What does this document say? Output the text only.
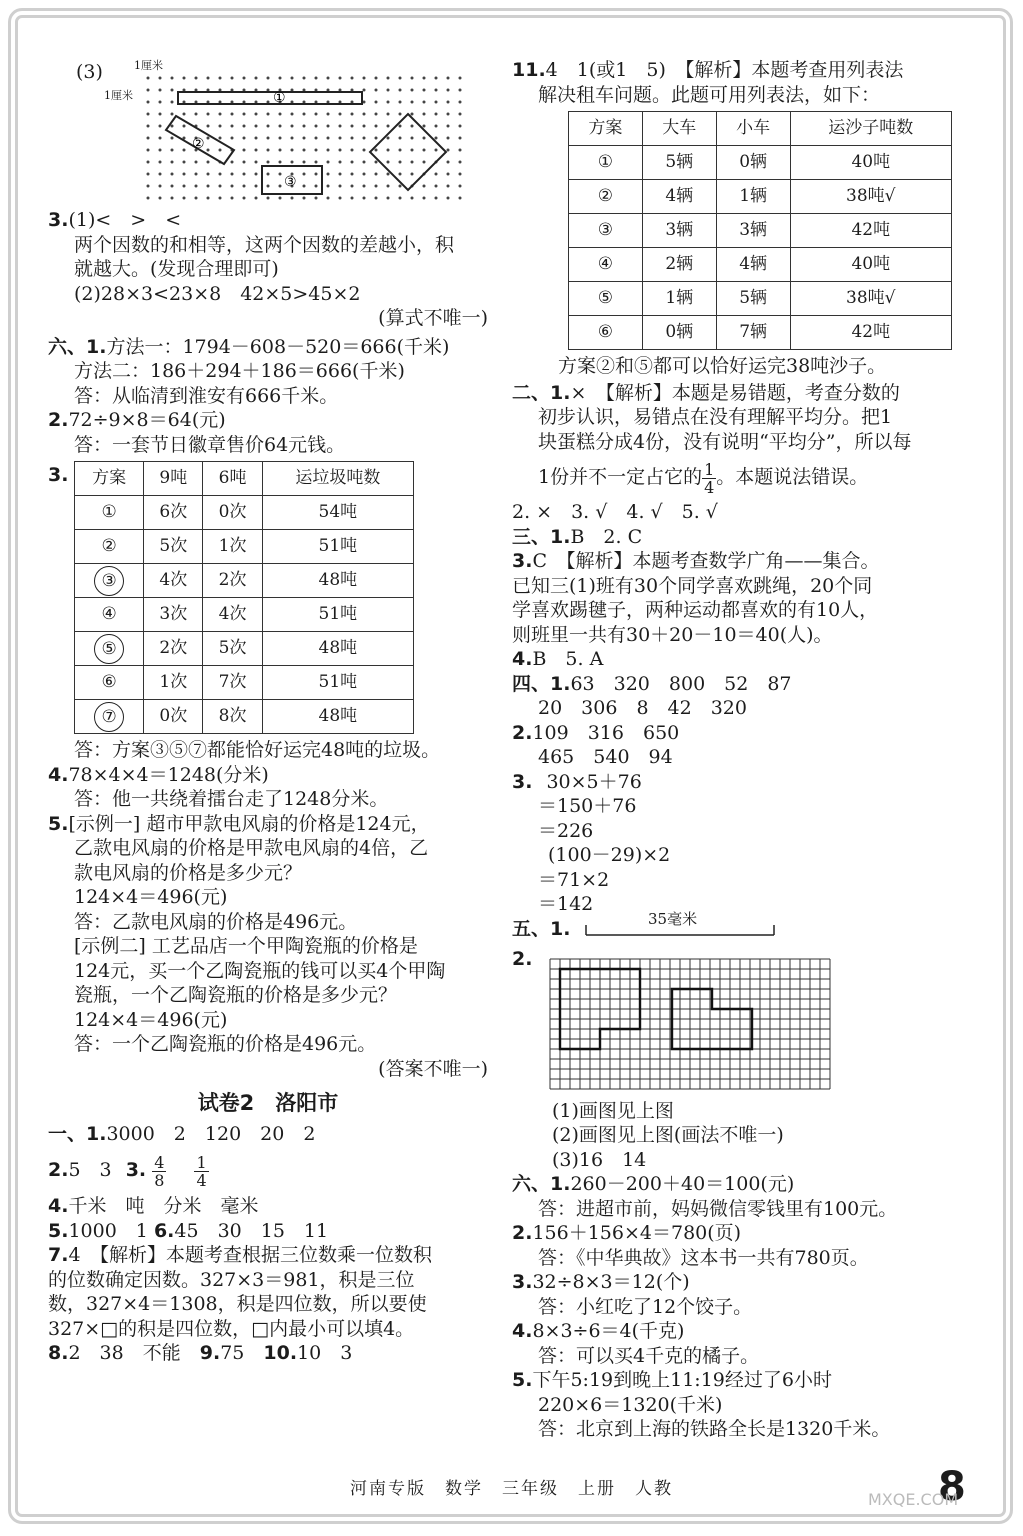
(3)	1厘米
1厘米	①
②
③
3.(1)<　>　<
两个因数的和相等，这两个因数的差越小，积
就越大。(发现合理即可)
(2)28×3<23×8　42×5>45×2
(算式不唯一)
六、1.方法一：1794－608－520＝666(千米)
方法二：186＋294＋186＝666(千米)
答：从临清到淮安有666千米。
2.72÷9×8＝64(元)
答：一套节日徽章售价64元钱。
3. 方案	9吨	6吨	运垃圾吨数
①	6次	0次	54吨
②	5次	1次	51吨
③	4次	2次	48吨
④	3次	4次	51吨
⑤	2次	5次	48吨
⑥	1次	7次	51吨
⑦	0次	8次	48吨
答：方案③⑤⑦都能恰好运完48吨的垃圾。
4.78×4×4＝1248(分米)
答：他一共绕着擂台走了1248分米。
5.[示例一] 超市甲款电风扇的价格是124元，
乙款电风扇的价格是甲款电风扇的4倍，乙
款电风扇的价格是多少元？
124×4＝496(元)
答：乙款电风扇的价格是496元。
[示例二] 工艺品店一个甲陶瓷瓶的价格是
124元，买一个乙陶瓷瓶的钱可以买4个甲陶
瓷瓶，一个乙陶瓷瓶的价格是多少元？
124×4＝496(元)
答：一个乙陶瓷瓶的价格是496元。
(答案不唯一)
试卷2　洛阳市
一、1.3000　2　120　20　2
2.5　3 3. $\frac{4}{8}$
$\frac{1}{4}$
4.千米　吨　分米　毫米
5.1000　1 6.45　30　15　11
7.4　【解析】本题考查根据三位数乘一位数积
的位数确定因数。327×3＝981，积是三位
数，327×4＝1308，积是四位数，所以要使
327×□的积是四位数，□内最小可以填4。
8.2　38　不能　 9.75　 10.10　3
11.4　1(或1　5)　【解析】本题考查用列表法
解决租车问题。此题可用列表法，如下：
方案	大车	小车	运沙子吨数
①	5辆	0辆	40吨
②	4辆	1辆	38吨√
③	3辆	3辆	42吨
④	2辆	4辆	40吨
⑤	1辆	5辆	38吨√
⑥	0辆	7辆	42吨
方案②和⑤都可以恰好运完38吨沙子。
二、1.×　【解析】本题是易错题，考查分数的
初步认识，易错点在没有理解平均分。把1
块蛋糕分成4份，没有说明“平均分”，所以每
1份并不一定占它的 $\frac{1}{4}$ 。本题说法错误。
2. ×　3. √　4. √　5. √
三、1.B　2. C
3.C　【解析】本题考查数学广角——集合。
已知三(1)班有30个同学喜欢跳绳，20个同
学喜欢踢毽子，两种运动都喜欢的有10人，
则班里一共有30＋20－10＝40(人)。
4.B　5. A
四、1.63　320　800　52　87
20　306　8　42　320
2.109　316　650
465　540　94
3. 30×5＋76
＝150＋76
＝226
(100－29)×2
＝71×2
＝142
五、1.	35毫米
2.
(1)画图见上图
(2)画图见上图(画法不唯一)
(3)16　14
六、1.260－200＋40＝100(元)
答：进超市前，妈妈微信零钱里有100元。
2.156＋156×4＝780(页)
答：《中华典故》这本书一共有780页。
3.32÷8×3＝12(个)
答：小红吃了12个饺子。
4.8×3÷6＝4(千克)
答：可以买4千克的橘子。
5.下午5:19到晚上11:19经过了6小时
220×6＝1320(千米)
答：北京到上海的铁路全长是1320千米。
河南专版　数学　三年级　上册　人教	8
MXQE.COM
